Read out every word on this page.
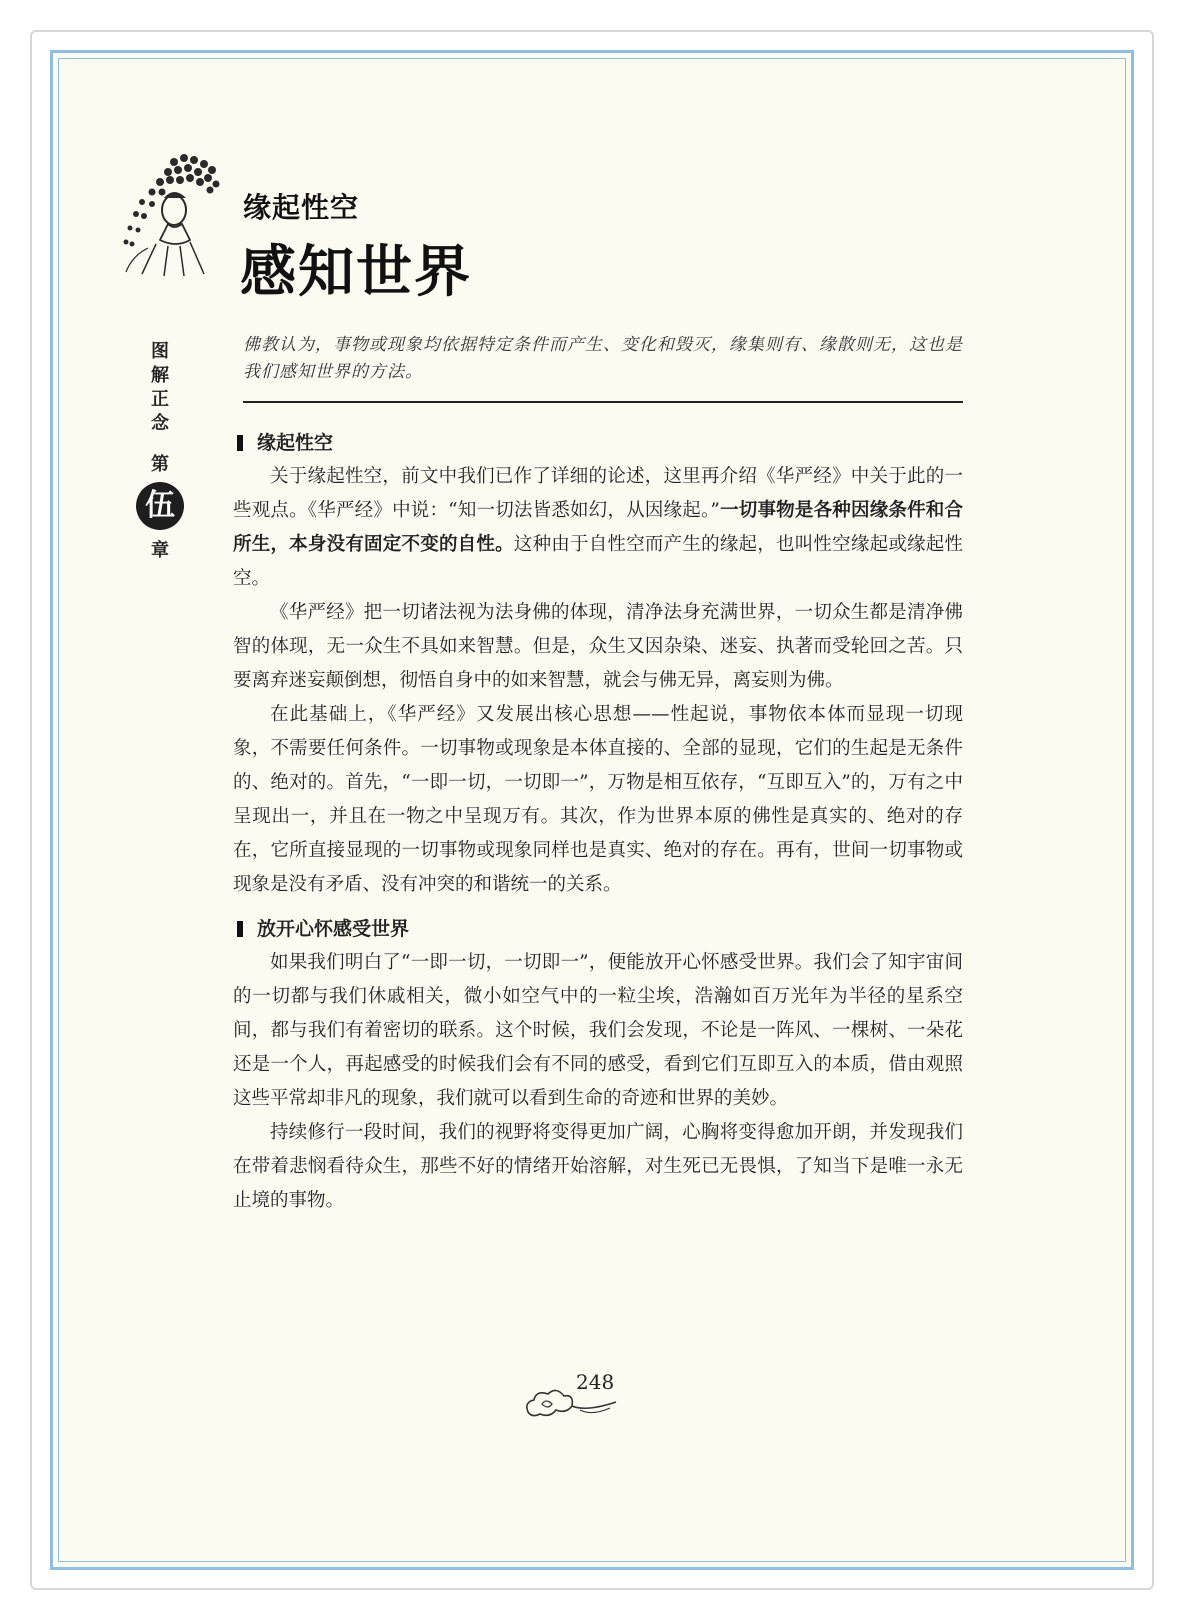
缘起性空
感知世界
佛教认为，事物或现象均依据特定条件而产生、变化和毁灭，缘集则有、缘散则无，这也是我们感知世界的方法。
图解正念
第
伍
章
缘起性空

关于缘起性空，前文中我们已作了详细的论述，这里再介绍《华严经》中关于此的一些观点。《华严经》中说：“知一切法皆悉如幻，从因缘起。”一切事物是各种因缘条件和合所生，本身没有固定不变的自性。这种由于自性空而产生的缘起，也叫性空缘起或缘起性空。

《华严经》把一切诸法视为法身佛的体现，清净法身充满世界，一切众生都是清净佛智的体现，无一众生不具如来智慧。但是，众生又因杂染、迷妄、执著而受轮回之苦。只要离弃迷妄颠倒想，彻悟自身中的如来智慧，就会与佛无异，离妄则为佛。

在此基础上，《华严经》又发展出核心思想——性起说，事物依本体而显现一切现象，不需要任何条件。一切事物或现象是本体直接的、全部的显现，它们的生起是无条件的、绝对的。首先，“一即一切，一切即一”，万物是相互依存，“互即互入”的，万有之中呈现出一，并且在一物之中呈现万有。其次，作为世界本原的佛性是真实的、绝对的存在，它所直接显现的一切事物或现象同样也是真实、绝对的存在。再有，世间一切事物或现象是没有矛盾、没有冲突的和谐统一的关系。

放开心怀感受世界

如果我们明白了“一即一切，一切即一”，便能放开心怀感受世界。我们会了知宇宙间的一切都与我们休戚相关，微小如空气中的一粒尘埃，浩瀚如百万光年为半径的星系空间，都与我们有着密切的联系。这个时候，我们会发现，不论是一阵风、一棵树、一朵花还是一个人，再起感受的时候我们会有不同的感受，看到它们互即互入的本质，借由观照这些平常却非凡的现象，我们就可以看到生命的奇迹和世界的美妙。

持续修行一段时间，我们的视野将变得更加广阔，心胸将变得愈加开朗，并发现我们在带着悲悯看待众生，那些不好的情绪开始溶解，对生死已无畏惧，了知当下是唯一永无止境的事物。

248
